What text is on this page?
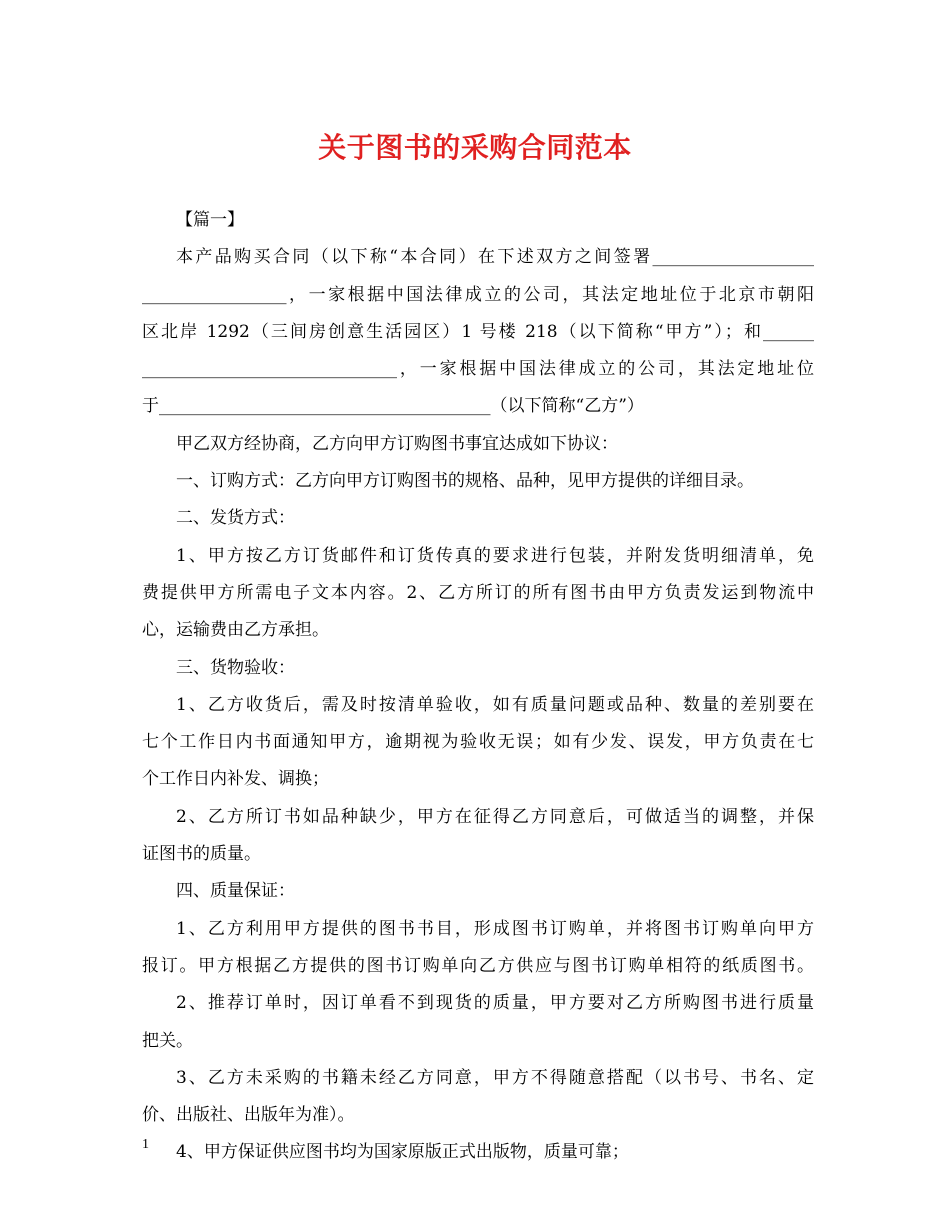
关于图书的采购合同范本
【篇一】
本产品购买合同（以下称“本合同）在下述双方之间签署___________________
_________________，一家根据中国法律成立的公司，其法定地址位于北京市朝阳
区北岸 1292（三间房创意生活园区）1 号楼 218（以下简称“甲方”）；和______
______________________________，一家根据中国法律成立的公司，其法定地址位
于_______________________________________（以下简称“乙方”）
甲乙双方经协商，乙方向甲方订购图书事宜达成如下协议：
一、订购方式：乙方向甲方订购图书的规格、品种，见甲方提供的详细目录。
二、发货方式：
1、甲方按乙方订货邮件和订货传真的要求进行包装，并附发货明细清单，免
费提供甲方所需电子文本内容。2、乙方所订的所有图书由甲方负责发运到物流中
心，运输费由乙方承担。
三、货物验收：
1、乙方收货后，需及时按清单验收，如有质量问题或品种、数量的差别要在
七个工作日内书面通知甲方，逾期视为验收无误；如有少发、误发，甲方负责在七
个工作日内补发、调换；
2、乙方所订书如品种缺少，甲方在征得乙方同意后，可做适当的调整，并保
证图书的质量。
四、质量保证：
1、乙方利用甲方提供的图书书目，形成图书订购单，并将图书订购单向甲方
报订。甲方根据乙方提供的图书订购单向乙方供应与图书订购单相符的纸质图书。
2、推荐订单时，因订单看不到现货的质量，甲方要对乙方所购图书进行质量
把关。
3、乙方未采购的书籍未经乙方同意，甲方不得随意搭配（以书号、书名、定
价、出版社、出版年为准）。
4、甲方保证供应图书均为国家原版正式出版物，质量可靠；
1
